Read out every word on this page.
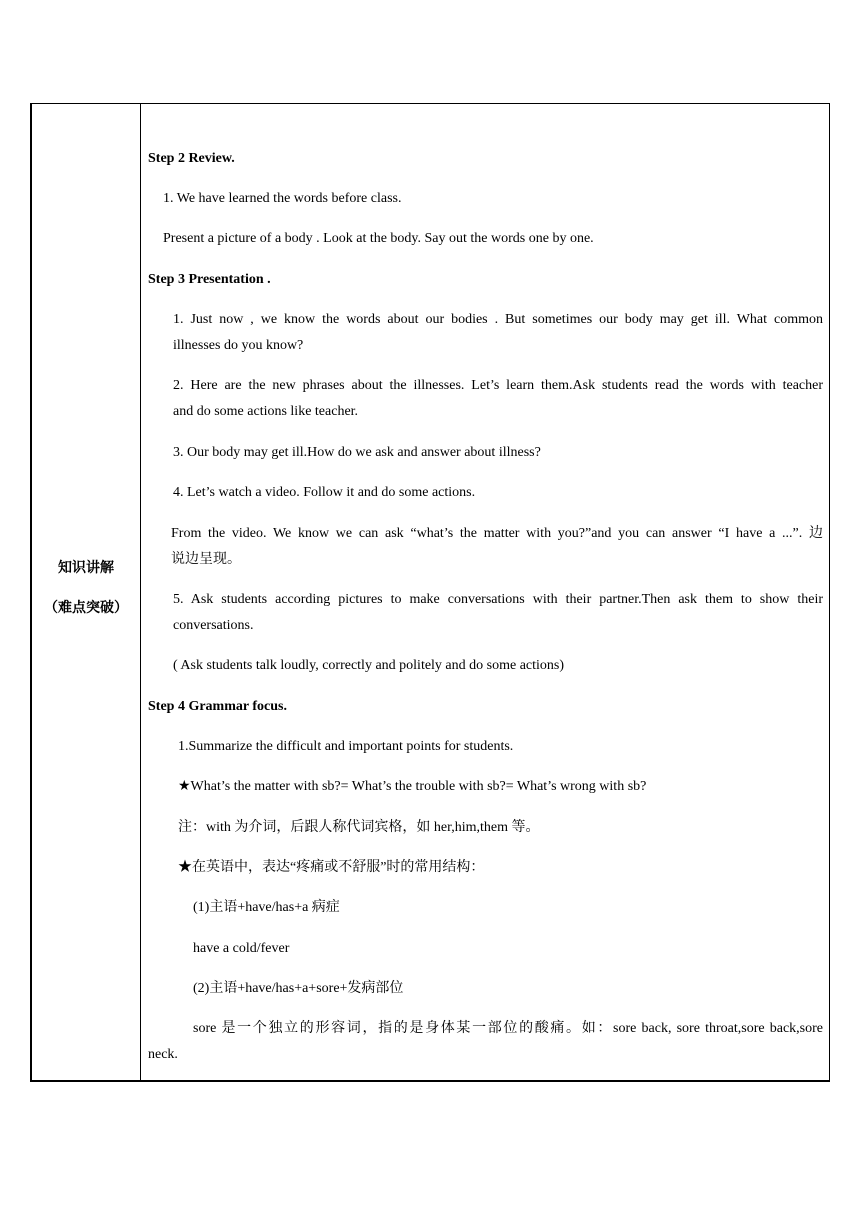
知识讲解
（难点突破）
Step 2 Review.
1. We have learned the words before class.
Present a picture of a body . Look at the body. Say out the words one by one.
Step 3 Presentation .
1. Just now , we know the words about our bodies . But sometimes our body may get ill. What common
illnesses do you know?
2. Here are the new phrases about the illnesses. Let’s learn them.Ask students read the words with teacher
and do some actions like teacher.
3. Our body may get ill.How do we ask and answer about illness?
4. Let’s watch a video. Follow it and do some actions.
From the video. We know we can ask “what’s the matter with you?”and you can answer “I have a ...”. 边
说边呈现。
5. Ask students according pictures to make conversations with their partner.Then ask them to show their
conversations.
( Ask students talk loudly, correctly and politely and do some actions)
Step 4 Grammar focus.
1.Summarize the difficult and important points for students.
★What’s the matter with sb?= What’s the trouble with sb?= What’s wrong with sb?
注：with 为介词，后跟人称代词宾格，如 her,him,them 等。
★在英语中，表达“疼痛或不舒服”时的常用结构：
(1)主语+have/has+a 病症
have a cold/fever
(2)主语+have/has+a+sore+发病部位
sore 是一个独立的形容词，指的是身体某一部位的酸痛。如：sore back, sore throat,sore back,sore
neck.
